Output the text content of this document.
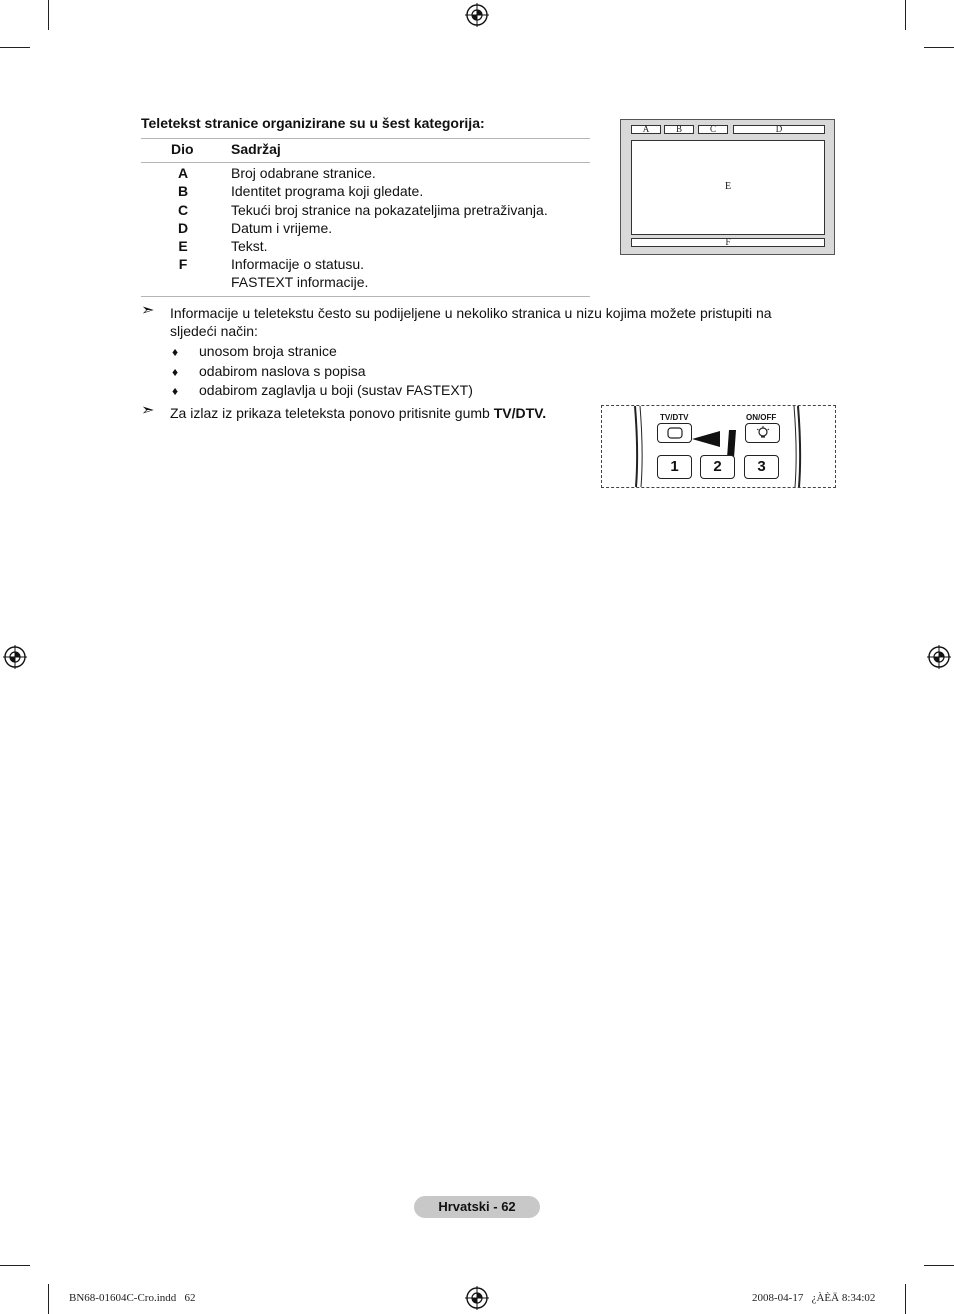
Teletekst stranice organizirane su u šest kategorija:
Dio	Sadržaj
A	Broj odabrane stranice.
B	Identitet programa koji gledate.
C	Tekući broj stranice na pokazateljima pretraživanja.
D	Datum i vrijeme.
E	Tekst.
F	Informacije o statusu.
FASTEXT informacije.
A	B	C	D
E
F
➣ Informacije u teletekstu često su podijeljene u nekoliko stranica u nizu kojima možete pristupiti na sljedeći način:
♦ unosom broja stranice
♦ odabirom naslova s popisa
♦ odabirom zaglavlja u boji (sustav FASTEXT)
➣ Za izlaz iz prikaza teleteksta ponovo pritisnite gumb TV/DTV.	TV/DTV	ON/OFF
1	2	3
Hrvatski - 62
BN68-01604C-Cro.indd   62	2008-04-17   ¿ÀÈÄ 8:34:02
